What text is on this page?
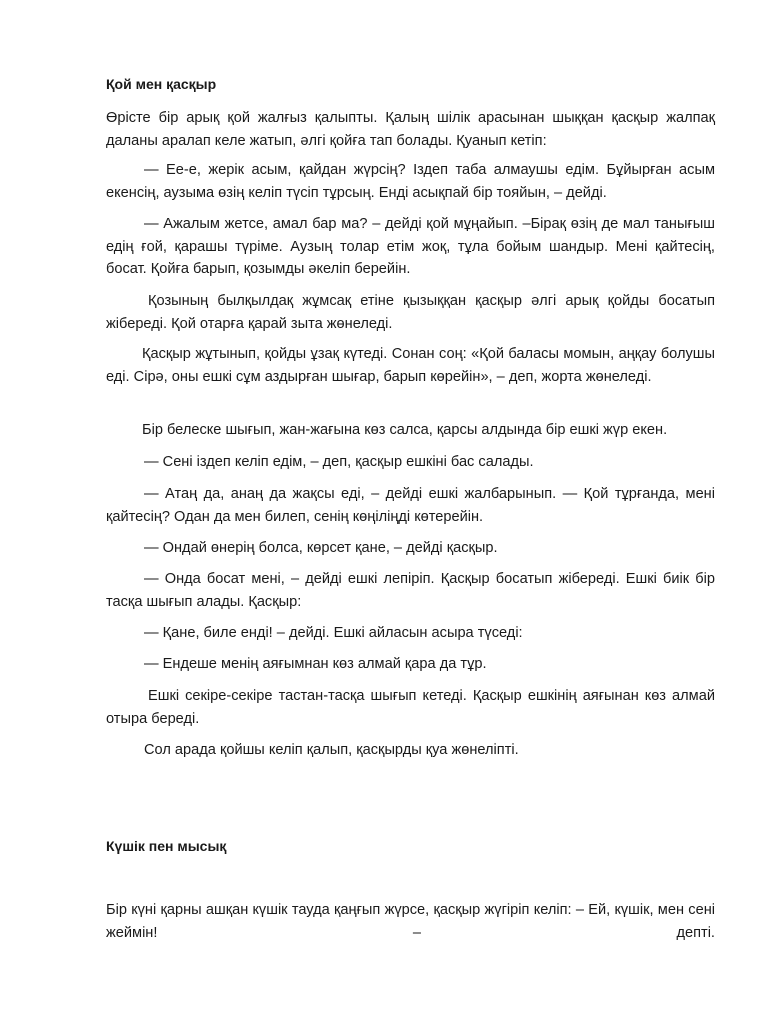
Қой мен қасқыр

Өрісте бір арық қой жалғыз қалыпты. Қалың шілік арасынан шыққан қасқыр жалпақ даланы аралап келе жатып, әлгі қойға тап болады. Қуанып кетіп:

— Ее-е, жерік асым, қайдан жүрсің? Іздеп таба алмаушы едім. Бұйырған асым екенсің, аузыма өзің келіп түсіп тұрсың. Енді асықпай бір тояйын, – дейді.

— Ажалым жетсе, амал бар ма? – дейді қой мұңайып. –Бірақ өзің де мал танығыш едің ғой, қарашы түріме. Аузың толар етім жоқ, тұла бойым шандыр. Мені қайтесің, босат. Қойға барып, қозымды әкеліп берейін.

Қозының былқылдақ жұмсақ етіне қызыққан қасқыр әлгі арық қойды босатып жібереді. Қой отарға қарай зыта жөнеледі.

Қасқыр жұтынып, қойды ұзақ күтеді. Сонан соң: «Қой баласы момын, аңқау болушы еді. Сірә, оны ешкі сұм аздырған шығар, барып көрейін», – деп, жорта жөнеледі.

Бір белеске шығып, жан-жағына көз салса, қарсы алдында бір ешкі жүр екен.

— Сені іздеп келіп едім, – деп, қасқыр ешкіні бас салады.

— Атаң да, анаң да жақсы еді, – дейді ешкі жалбарынып. — Қой тұрғанда, мені қайтесің? Одан да мен билеп, сенің көңіліңді көтерейін.

— Ондай өнерің болса, көрсет қане, – дейді қасқыр.

— Онда босат мені, – дейді ешкі лепіріп. Қасқыр босатып жібереді. Ешкі биік бір тасқа шығып алады. Қасқыр:

— Қане, биле енді! – дейді. Ешкі айласын асыра түседі:

— Ендеше менің аяғымнан көз алмай қара да тұр.

Ешкі секіре-секіре тастан-тасқа шығып кетеді. Қасқыр ешкінің аяғынан көз алмай отыра береді.

Сол арада қойшы келіп қалып, қасқырды қуа жөнеліпті.

Күшік пен мысық

Бір күні қарны ашқан күшік тауда қаңғып жүрсе, қасқыр жүгіріп келіп: – Ей, күшік, мен сені жеймін! – депті.
